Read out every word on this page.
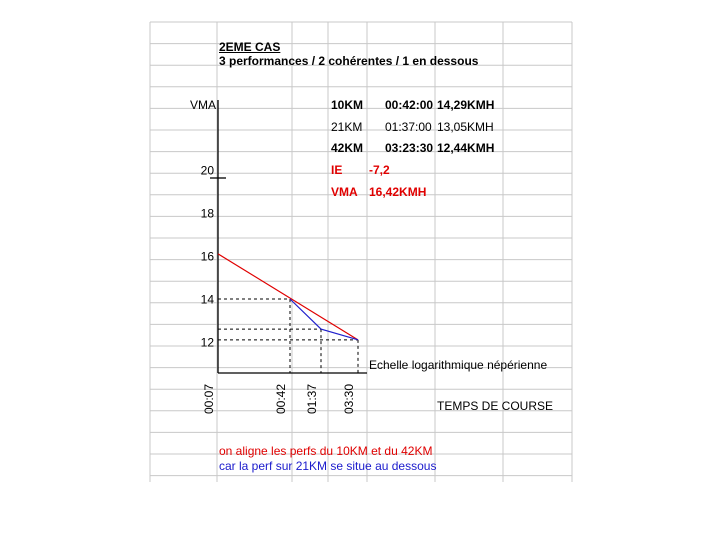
20
18
16
14
12
00:07	00:42 01:37 03:30
2EME CAS
3 performances / 2 cohérentes / 1 en dessous
10KM 00:42:00 14,29KMH
21KM 01:37:00 13,05KMH
42KM 03:23:30 12,44KMH
IE -7,2
VMA 16,42KMH
VMA
TEMPS DE COURSE
Echelle logarithmique népérienne
on aligne les perfs du 10KM et du 42KM
car la perf sur 21KM se situe au dessous
